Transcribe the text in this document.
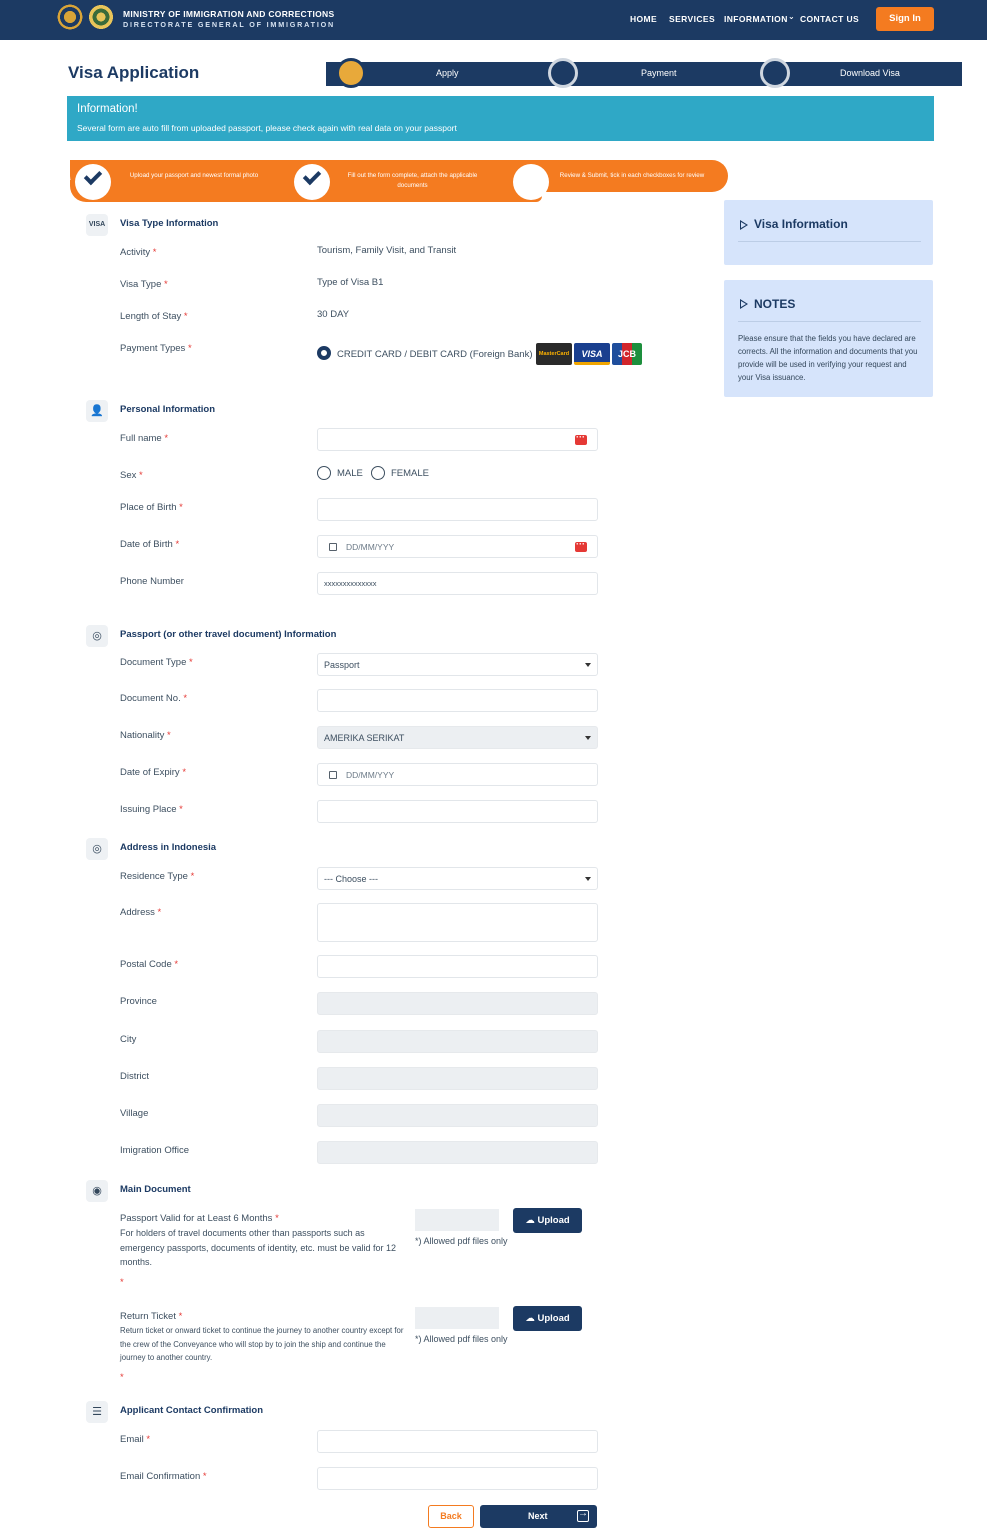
MINISTRY OF IMMIGRATION AND CORRECTIONS
DIRECTORATE GENERAL OF IMMIGRATION
HOME SERVICES INFORMATION ⌄ CONTACT US	Sign In
Visa Application	Apply	Payment	Download Visa
Information!
Several form are auto fill from uploaded passport, please check again with real data on your passport
Upload your passport and newest formal photo	Fill out the form complete, attach the applicable documents
Review & Submit, tick in each checkboxes for review
VISA Visa Type Information
Activity *	Tourism, Family Visit, and Transit
Visa Type *	Type of Visa B1
Length of Stay *	30 DAY
Payment Types *
CREDIT CARD / DEBIT CARD (Foreign Bank)	MasterCard	VISA	JCB
👤	Personal Information
Full name *
···
Sex *	MALE	FEMALE
Place of Birth *
Date of Birth *	DD/MM/YYY
···
Phone Number	xxxxxxxxxxxxxx
◎	Passport (or other travel document) Information
Document Type *	Passport
Document No. *
Nationality *	AMERIKA SERIKAT
Date of Expiry *	DD/MM/YYY
Issuing Place *
◎	Address in Indonesia
Residence Type *	--- Choose ---
Address *
Postal Code *
Province
City
District
Village
Imigration Office
◉	Main Document
Passport Valid for at Least 6 Months *
For holders of travel documents other than passports such as emergency passports, documents of identity, etc. must be valid for 12 months.
*
☁ Upload
*) Allowed pdf files only
Return Ticket *
Return ticket or onward ticket to continue the journey to another country except for the crew of the Conveyance who will stop by to join the ship and continue the journey to another country.
*
☁ Upload
*) Allowed pdf files only
☰	Applicant Contact Confirmation
Email *
Email Confirmation *
Back	Next
→
Visa Information
NOTES
Please ensure that the fields you have declared are corrects. All the information and documents that you provide will be used in verifying your request and your Visa issuance.
